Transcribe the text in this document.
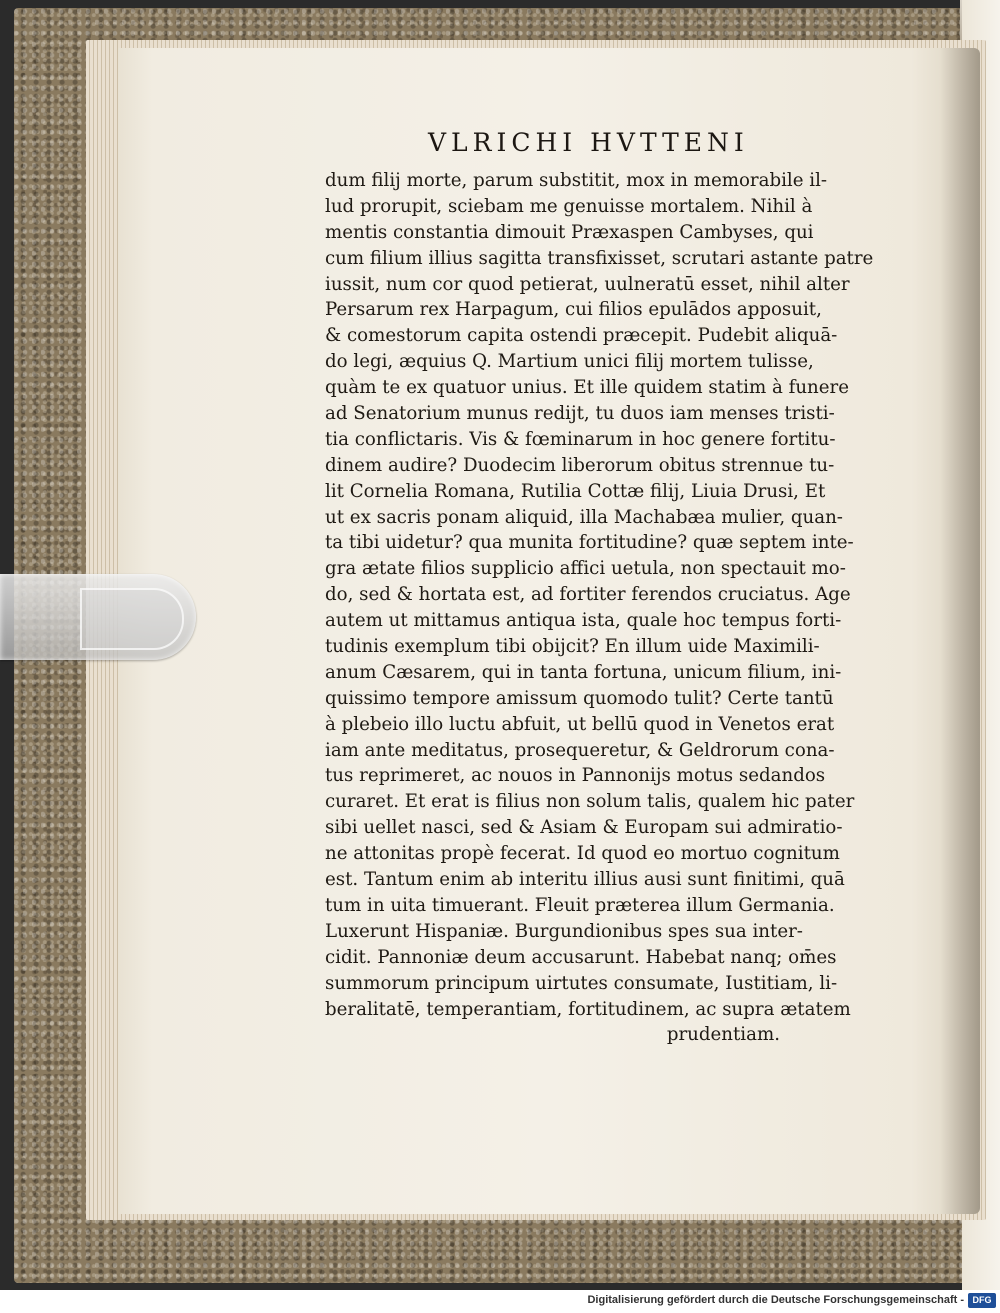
VLRICHI HVTTENI
dum filij morte, parum substitit, mox in memorabile il-
lud prorupit, sciebam me genuisse mortalem. Nihil à
mentis constantia dimouit Præxaspen Cambyses, qui
cum filium illius sagitta transfixisset, scrutari astante patre
iussit, num cor quod petierat, uulneratū esset, nihil alter
Persarum rex Harpagum, cui filios epulādos apposuit,
& comestorum capita ostendi præcepit. Pudebit aliquā-
do legi, æquius Q. Martium unici filij mortem tulisse,
quàm te ex quatuor unius. Et ille quidem statim à funere
ad Senatorium munus redijt, tu duos iam menses tristi-
tia conflictaris. Vis & fœminarum in hoc genere fortitu-
dinem audire? Duodecim liberorum obitus strennue tu-
lit Cornelia Romana, Rutilia Cottæ filij, Liuia Drusi, Et
ut ex sacris ponam aliquid, illa Machabæa mulier, quan-
ta tibi uidetur? qua munita fortitudine? quæ septem inte-
gra ætate filios supplicio affici uetula, non spectauit mo-
do, sed & hortata est, ad fortiter ferendos cruciatus. Age
autem ut mittamus antiqua ista, quale hoc tempus forti-
tudinis exemplum tibi obijcit? En illum uide Maximili-
anum Cæsarem, qui in tanta fortuna, unicum filium, ini-
quissimo tempore amissum quomodo tulit? Certe tantū
à plebeio illo luctu abfuit, ut bellū quod in Venetos erat
iam ante meditatus, prosequeretur, & Geldrorum cona-
tus reprimeret, ac nouos in Pannonijs motus sedandos
curaret. Et erat is filius non solum talis, qualem hic pater
sibi uellet nasci, sed & Asiam & Europam sui admiratio-
ne attonitas propè fecerat. Id quod eo mortuo cognitum
est. Tantum enim ab interitu illius ausi sunt finitimi, quā
tum in uita timuerant. Fleuit præterea illum Germania.
Luxerunt Hispaniæ. Burgundionibus spes sua inter-
cidit. Pannoniæ deum accusarunt. Habebat nanq; om̄es
summorum principum uirtutes consumate, Iustitiam, li-
beralitatē, temperantiam, fortitudinem, ac supra ætatem
prudentiam.
Digitalisierung gefördert durch die Deutsche Forschungsgemeinschaft - DFG
